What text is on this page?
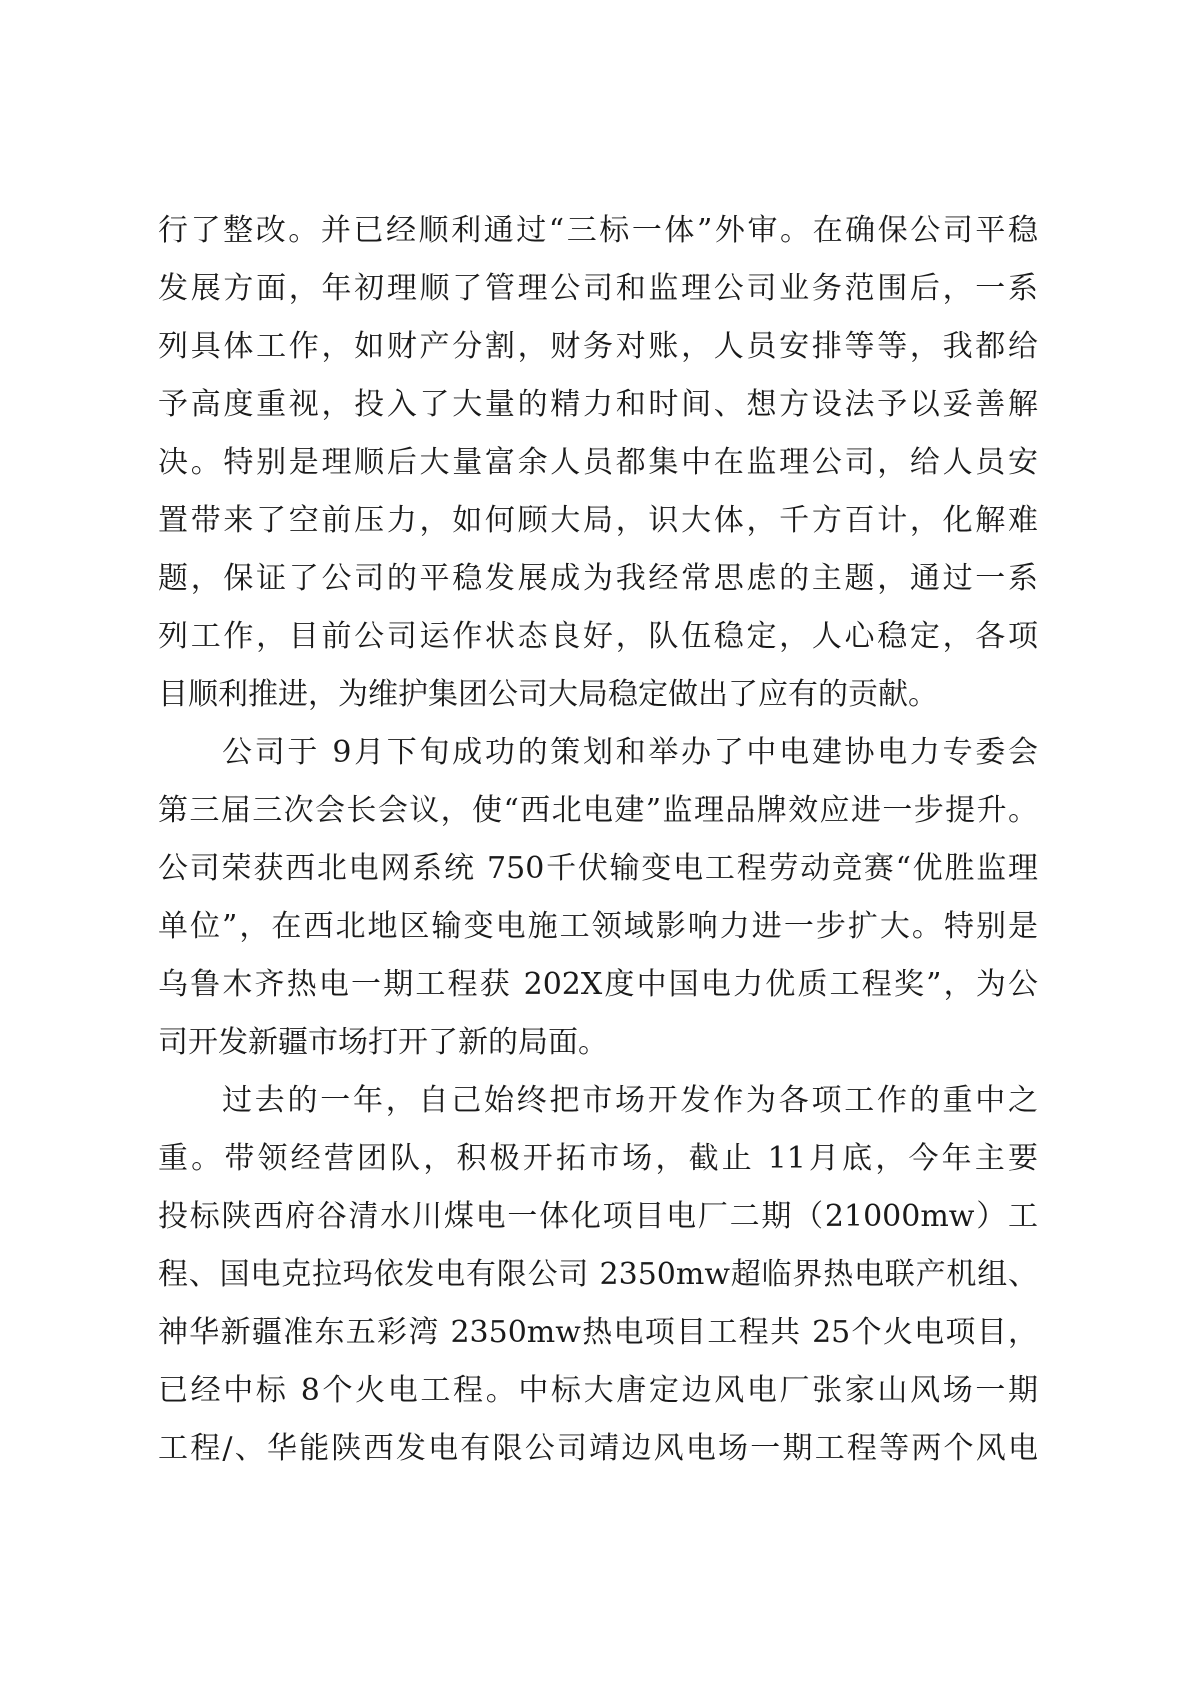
行了整改。并已经顺利通过“三标一体”外审。在确保公司平稳
发展方面，年初理顺了管理公司和监理公司业务范围后，一系
列具体工作，如财产分割，财务对账，人员安排等等，我都给
予高度重视，投入了大量的精力和时间、想方设法予以妥善解
决。特别是理顺后大量富余人员都集中在监理公司，给人员安
置带来了空前压力，如何顾大局，识大体，千方百计，化解难
题，保证了公司的平稳发展成为我经常思虑的主题，通过一系
列工作，目前公司运作状态良好，队伍稳定，人心稳定，各项
目顺利推进，为维护集团公司大局稳定做出了应有的贡献。
公司于 9月下旬成功的策划和举办了中电建协电力专委会
第三届三次会长会议，使“西北电建”监理品牌效应进一步提升。
公司荣获西北电网系统 750千伏输变电工程劳动竞赛“优胜监理
单位”，在西北地区输变电施工领域影响力进一步扩大。特别是
乌鲁木齐热电一期工程获 202X度中国电力优质工程奖”，为公
司开发新疆市场打开了新的局面。
过去的一年，自己始终把市场开发作为各项工作的重中之
重。带领经营团队，积极开拓市场，截止 11月底，今年主要
投标陕西府谷清水川煤电一体化项目电厂二期（21000mw）工
程、国电克拉玛依发电有限公司 2350mw超临界热电联产机组、
神华新疆准东五彩湾 2350mw热电项目工程共 25个火电项目，
已经中标 8个火电工程。中标大唐定边风电厂张家山风场一期
工程/、华能陕西发电有限公司靖边风电场一期工程等两个风电
